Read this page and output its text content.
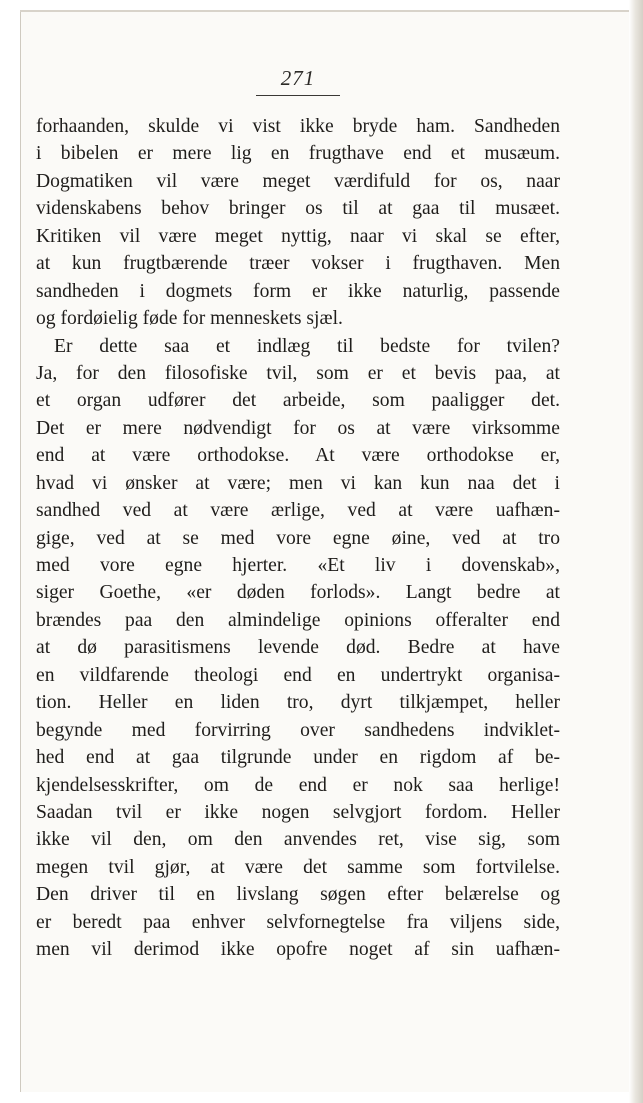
271
forhaanden, skulde vi vist ikke bryde ham. Sandheden
i bibelen er mere lig en frugthave end et musæum.
Dogmatiken vil være meget værdifuld for os, naar
videnskabens behov bringer os til at gaa til musæet.
Kritiken vil være meget nyttig, naar vi skal se efter,
at kun frugtbærende træer vokser i frugthaven. Men
sandheden i dogmets form er ikke naturlig, passende
og fordøielig føde for menneskets sjæl.
Er dette saa et indlæg til bedste for tvilen?
Ja, for den filosofiske tvil, som er et bevis paa, at
et organ udfører det arbeide, som paaligger det.
Det er mere nødvendigt for os at være virksomme
end at være orthodokse. At være orthodokse er,
hvad vi ønsker at være; men vi kan kun naa det i
sandhed ved at være ærlige, ved at være uafhæn-
gige, ved at se med vore egne øine, ved at tro
med vore egne hjerter. «Et liv i dovenskab»,
siger Goethe, «er døden forlods». Langt bedre at
brændes paa den almindelige opinions offeralter end
at dø parasitismens levende død. Bedre at have
en vildfarende theologi end en undertrykt organisa-
tion. Heller en liden tro, dyrt tilkjæmpet, heller
begynde med forvirring over sandhedens indviklet-
hed end at gaa tilgrunde under en rigdom af be-
kjendelsesskrifter, om de end er nok saa herlige!
Saadan tvil er ikke nogen selvgjort fordom. Heller
ikke vil den, om den anvendes ret, vise sig, som
megen tvil gjør, at være det samme som fortvilelse.
Den driver til en livslang søgen efter belærelse og
er beredt paa enhver selvfornegtelse fra viljens side,
men vil derimod ikke opofre noget af sin uafhæn-
